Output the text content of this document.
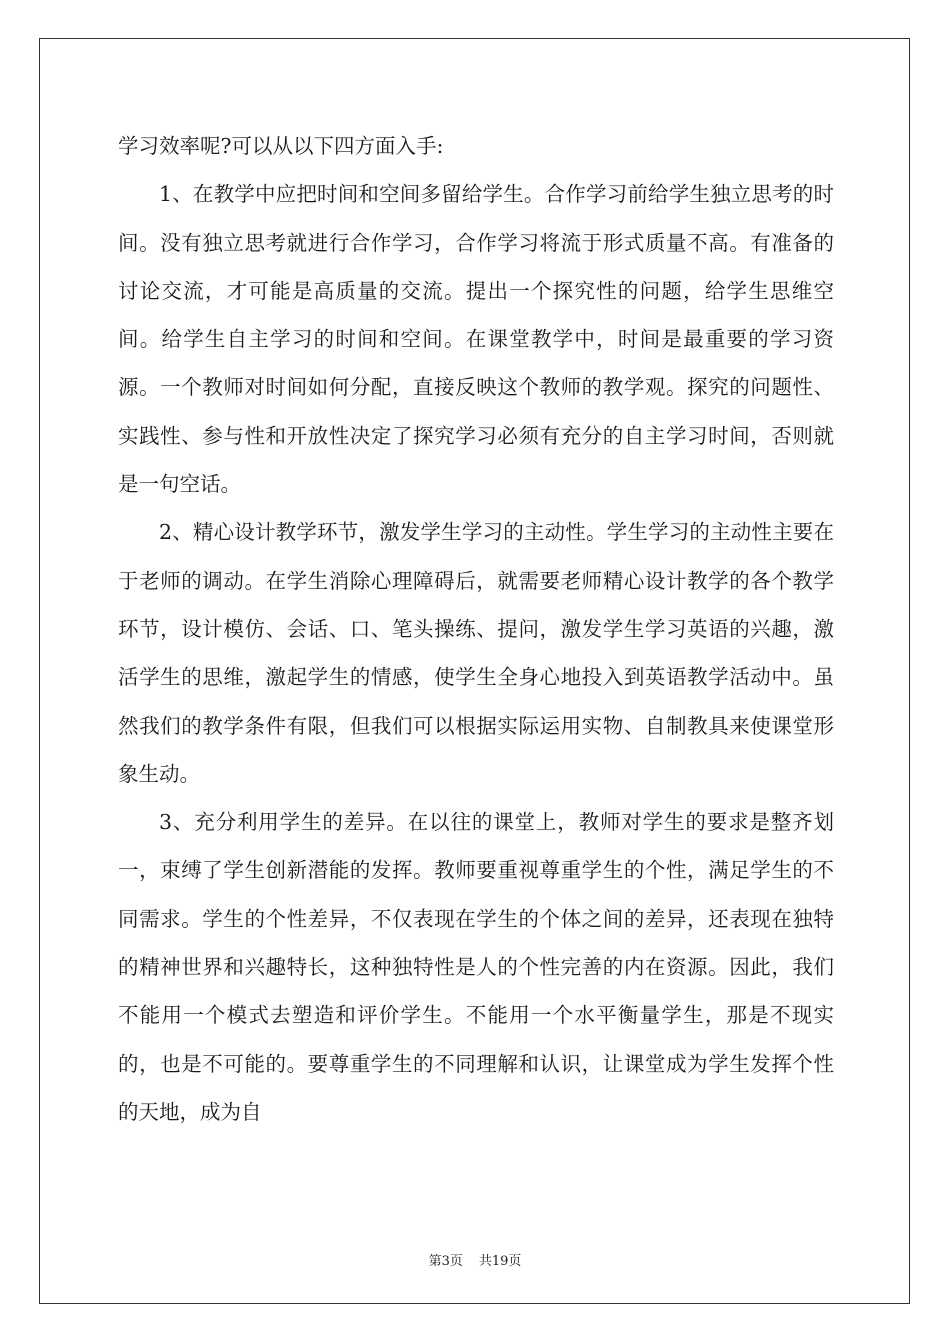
学习效率呢?可以从以下四方面入手:

1、在教学中应把时间和空间多留给学生。合作学习前给学生独立思考的时间。没有独立思考就进行合作学习，合作学习将流于形式质量不高。有准备的讨论交流，才可能是高质量的交流。提出一个探究性的问题，给学生思维空间。给学生自主学习的时间和空间。在课堂教学中，时间是最重要的学习资源。一个教师对时间如何分配，直接反映这个教师的教学观。探究的问题性、实践性、参与性和开放性决定了探究学习必须有充分的自主学习时间，否则就是一句空话。

2、精心设计教学环节，激发学生学习的主动性。学生学习的主动性主要在于老师的调动。在学生消除心理障碍后，就需要老师精心设计教学的各个教学环节，设计模仿、会话、口、笔头操练、提问，激发学生学习英语的兴趣，激活学生的思维，激起学生的情感，使学生全身心地投入到英语教学活动中。虽然我们的教学条件有限，但我们可以根据实际运用实物、自制教具来使课堂形象生动。

3、充分利用学生的差异。在以往的课堂上，教师对学生的要求是整齐划一，束缚了学生创新潜能的发挥。教师要重视尊重学生的个性，满足学生的不同需求。学生的个性差异，不仅表现在学生的个体之间的差异，还表现在独特的精神世界和兴趣特长，这种独特性是人的个性完善的内在资源。因此，我们不能用一个模式去塑造和评价学生。不能用一个水平衡量学生，那是不现实的，也是不可能的。要尊重学生的不同理解和认识，让课堂成为学生发挥个性的天地，成为自

第3页 共19页
